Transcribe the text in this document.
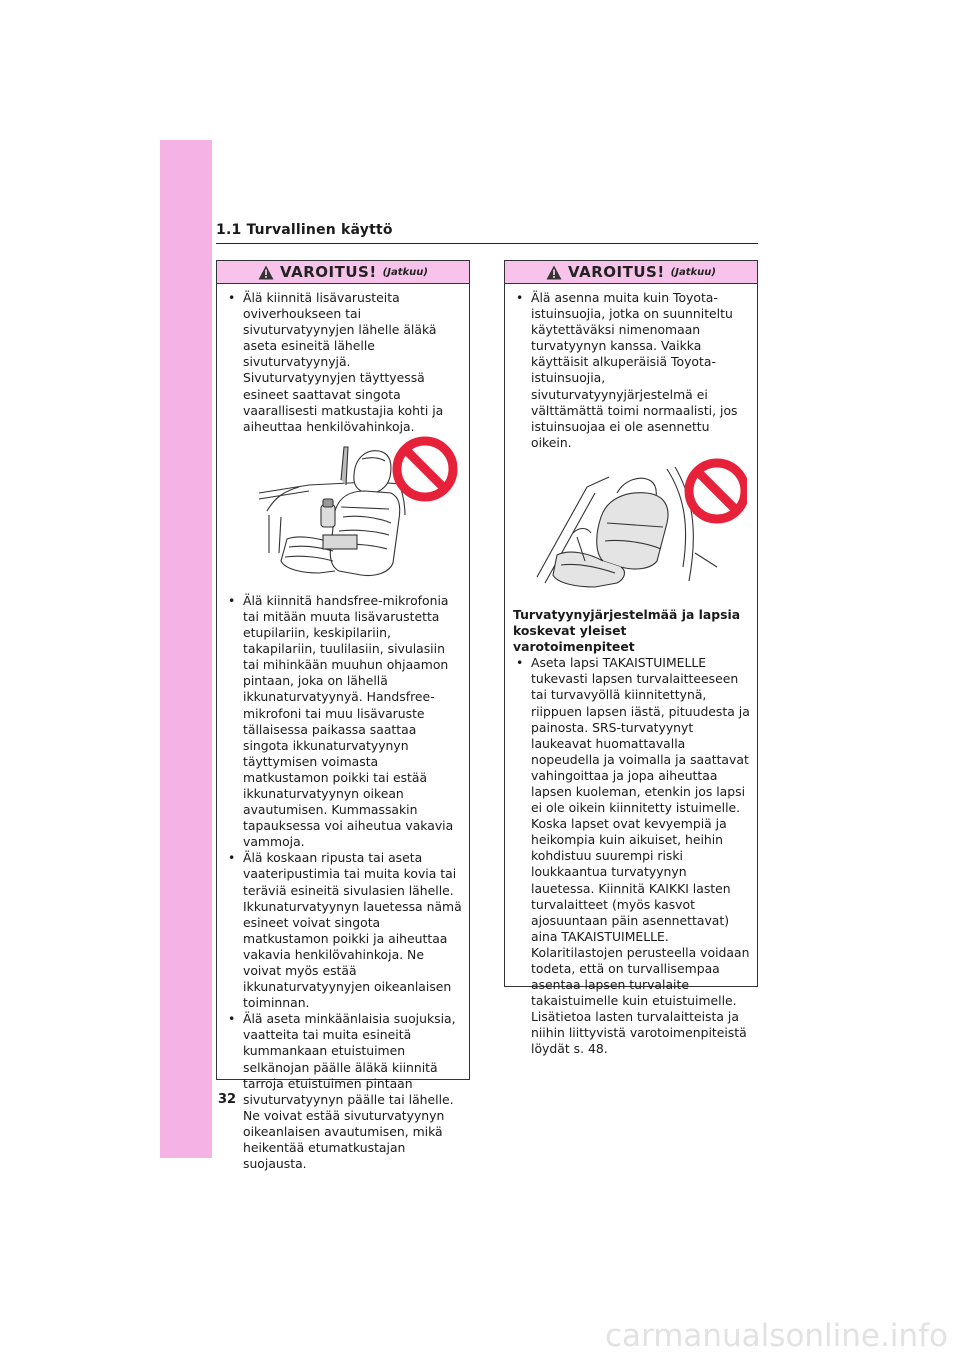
1.1 Turvallinen käyttö
VAROITUS! (Jatkuu)
• Älä kiinnitä lisävarusteita oviverhoukseen tai sivuturvatyynyjen lähelle äläkä aseta esineitä lähelle sivuturvatyynyjä. Sivuturvatyynyjen täyttyessä esineet saattavat singota vaarallisesti matkustajia kohti ja aiheuttaa henkilövahinkoja.
• Älä kiinnitä handsfree-mikrofonia tai mitään muuta lisävarustetta etupilariin, keskipilariin, takapilariin, tuulilasiin, sivulasiin tai mihinkään muuhun ohjaamon pintaan, joka on lähellä ikkunaturvatyynyä. Handsfree-mikrofoni tai muu lisävaruste tällaisessa paikassa saattaa singota ikkunaturvatyynyn täyttymisen voimasta matkustamon poikki tai estää ikkunaturvatyynyn oikean avautumisen. Kummassakin tapauksessa voi aiheutua vakavia vammoja.
• Älä koskaan ripusta tai aseta vaateripustimia tai muita kovia tai teräviä esineitä sivulasien lähelle. Ikkunaturvatyynyn lauetessa nämä esineet voivat singota matkustamon poikki ja aiheuttaa vakavia henkilövahinkoja. Ne voivat myös estää ikkunaturvatyynyjen oikeanlaisen toiminnan.
• Älä aseta minkäänlaisia suojuksia, vaatteita tai muita esineitä kummankaan etuistuimen selkänojan päälle äläkä kiinnitä tarroja etuistuimen pintaan sivuturvatyynyn päälle tai lähelle. Ne voivat estää sivuturvatyynyn oikeanlaisen avautumisen, mikä heikentää etumatkustajan suojausta.
VAROITUS! (Jatkuu)
• Älä asenna muita kuin Toyota-istuinsuojia, jotka on suunniteltu käytettäväksi nimenomaan turvatyynyn kanssa. Vaikka käyttäisit alkuperäisiä Toyota-istuinsuojia, sivuturvatyynyjärjestelmä ei välttämättä toimi normaalisti, jos istuinsuojaa ei ole asennettu oikein.
Turvatyynyjärjestelmää ja lapsia koskevat yleiset varotoimenpiteet
• Aseta lapsi TAKAISTUIMELLE tukevasti lapsen turvalaitteeseen tai turvavyöllä kiinnitettynä, riippuen lapsen iästä, pituudesta ja painosta. SRS-turvatyynyt laukeavat huomattavalla nopeudella ja voimalla ja saattavat vahingoittaa ja jopa aiheuttaa lapsen kuoleman, etenkin jos lapsi ei ole oikein kiinnitetty istuimelle. Koska lapset ovat kevyempiä ja heikompia kuin aikuiset, heihin kohdistuu suurempi riski loukkaantua turvatyynyn lauetessa. Kiinnitä KAIKKI lasten turvalaitteet (myös kasvot ajosuuntaan päin asennettavat) aina TAKAISTUIMELLE. Kolaritilastojen perusteella voidaan todeta, että on turvallisempaa asentaa lapsen turvalaite takaistuimelle kuin etuistuimelle. Lisätietoa lasten turvalaitteista ja niihin liittyvistä varotoimenpiteistä löydät s. 48.
32
carmanualsonline.info
